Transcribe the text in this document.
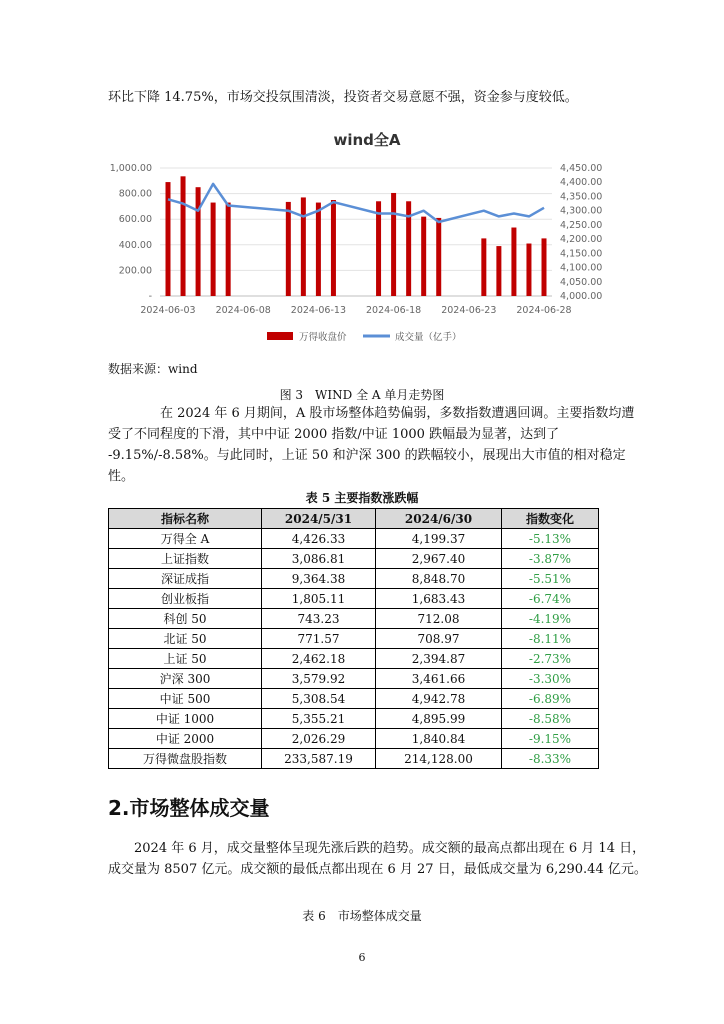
环比下降 14.75%，市场交投氛围清淡，投资者交易意愿不强，资金参与度较低。
wind全A
-
200.00
400.00
600.00
800.00
1,000.00
4,000.00
4,050.00
4,100.00
4,150.00
4,200.00
4,250.00
4,300.00
4,350.00
4,400.00
4,450.00
2024-06-03 2024-06-08 2024-06-13 2024-06-18 2024-06-23 2024-06-28
万得收盘价	成交量（亿手）
数据来源：wind
图 3　WIND 全 A 单月走势图
在 2024 年 6 月期间，A 股市场整体趋势偏弱，多数指数遭遇回调。主要指数均遭
受了不同程度的下滑，其中中证 2000 指数/中证 1000 跌幅最为显著，达到了
-9.15%/-8.58%。与此同时，上证 50 和沪深 300 的跌幅较小，展现出大市值的相对稳定
性。
表 5 主要指数涨跌幅
指标名称	2024/5/31	2024/6/30	指数变化
万得全 A	4,426.33	4,199.37	-5.13%
上证指数	3,086.81	2,967.40	-3.87%
深证成指	9,364.38	8,848.70	-5.51%
创业板指	1,805.11	1,683.43	-6.74%
科创 50	743.23	712.08	-4.19%
北证 50	771.57	708.97	-8.11%
上证 50	2,462.18	2,394.87	-2.73%
沪深 300	3,579.92	3,461.66	-3.30%
中证 500	5,308.54	4,942.78	-6.89%
中证 1000	5,355.21	4,895.99	-8.58%
中证 2000	2,026.29	1,840.84	-9.15%
万得微盘股指数	233,587.19	214,128.00	-8.33%
2.市场整体成交量
2024 年 6 月，成交量整体呈现先涨后跌的趋势。成交额的最高点都出现在 6 月 14 日，
成交量为 8507 亿元。成交额的最低点都出现在 6 月 27 日，最低成交量为 6,290.44 亿元。
表 6　市场整体成交量
6
